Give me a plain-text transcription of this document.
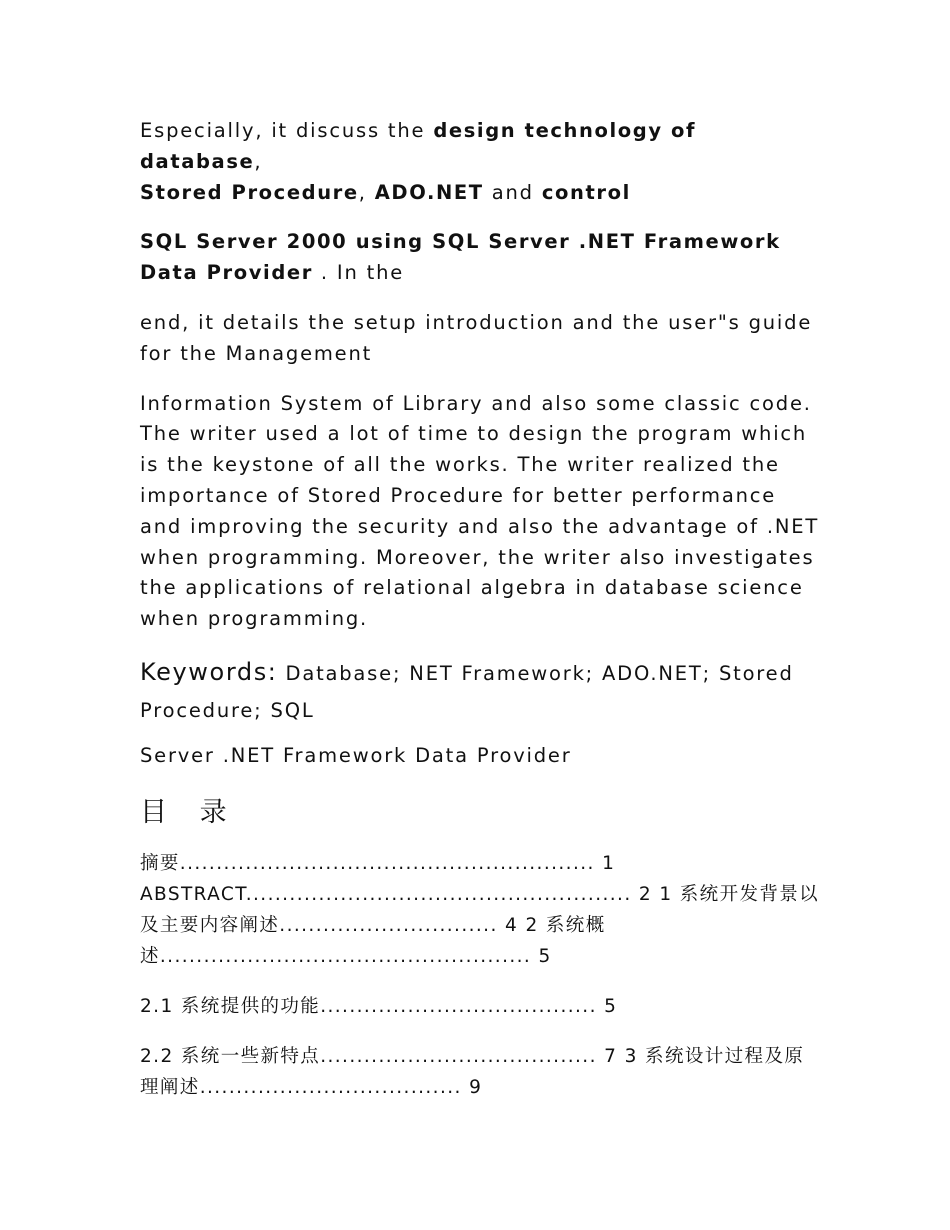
Especially, it discuss the design technology of database,
Stored Procedure, ADO.NET and control

SQL Server 2000 using SQL Server .NET Framework Data Provider . In the

end, it details the setup introduction and the user"s guide for the Management

Information System of Library and also some classic code. The writer used a lot of time to design the program which is the keystone of all the works. The writer realized the importance of Stored Procedure for better performance and improving the security and also the advantage of .NET when programming. Moreover, the writer also investigates the applications of relational algebra in database science when programming.

Keywords: Database; NET Framework; ADO.NET; Stored Procedure; SQL

Server .NET Framework Data Provider

目 录

摘要......................................................... 1 ABSTRACT..................................................... 2 1 系统开发背景以及主要内容阐述.............................. 4 2 系统概述................................................... 5

2.1 系统提供的功能...................................... 5

2.2 系统一些新特点...................................... 7 3 系统设计过程及原理阐述.................................... 9
